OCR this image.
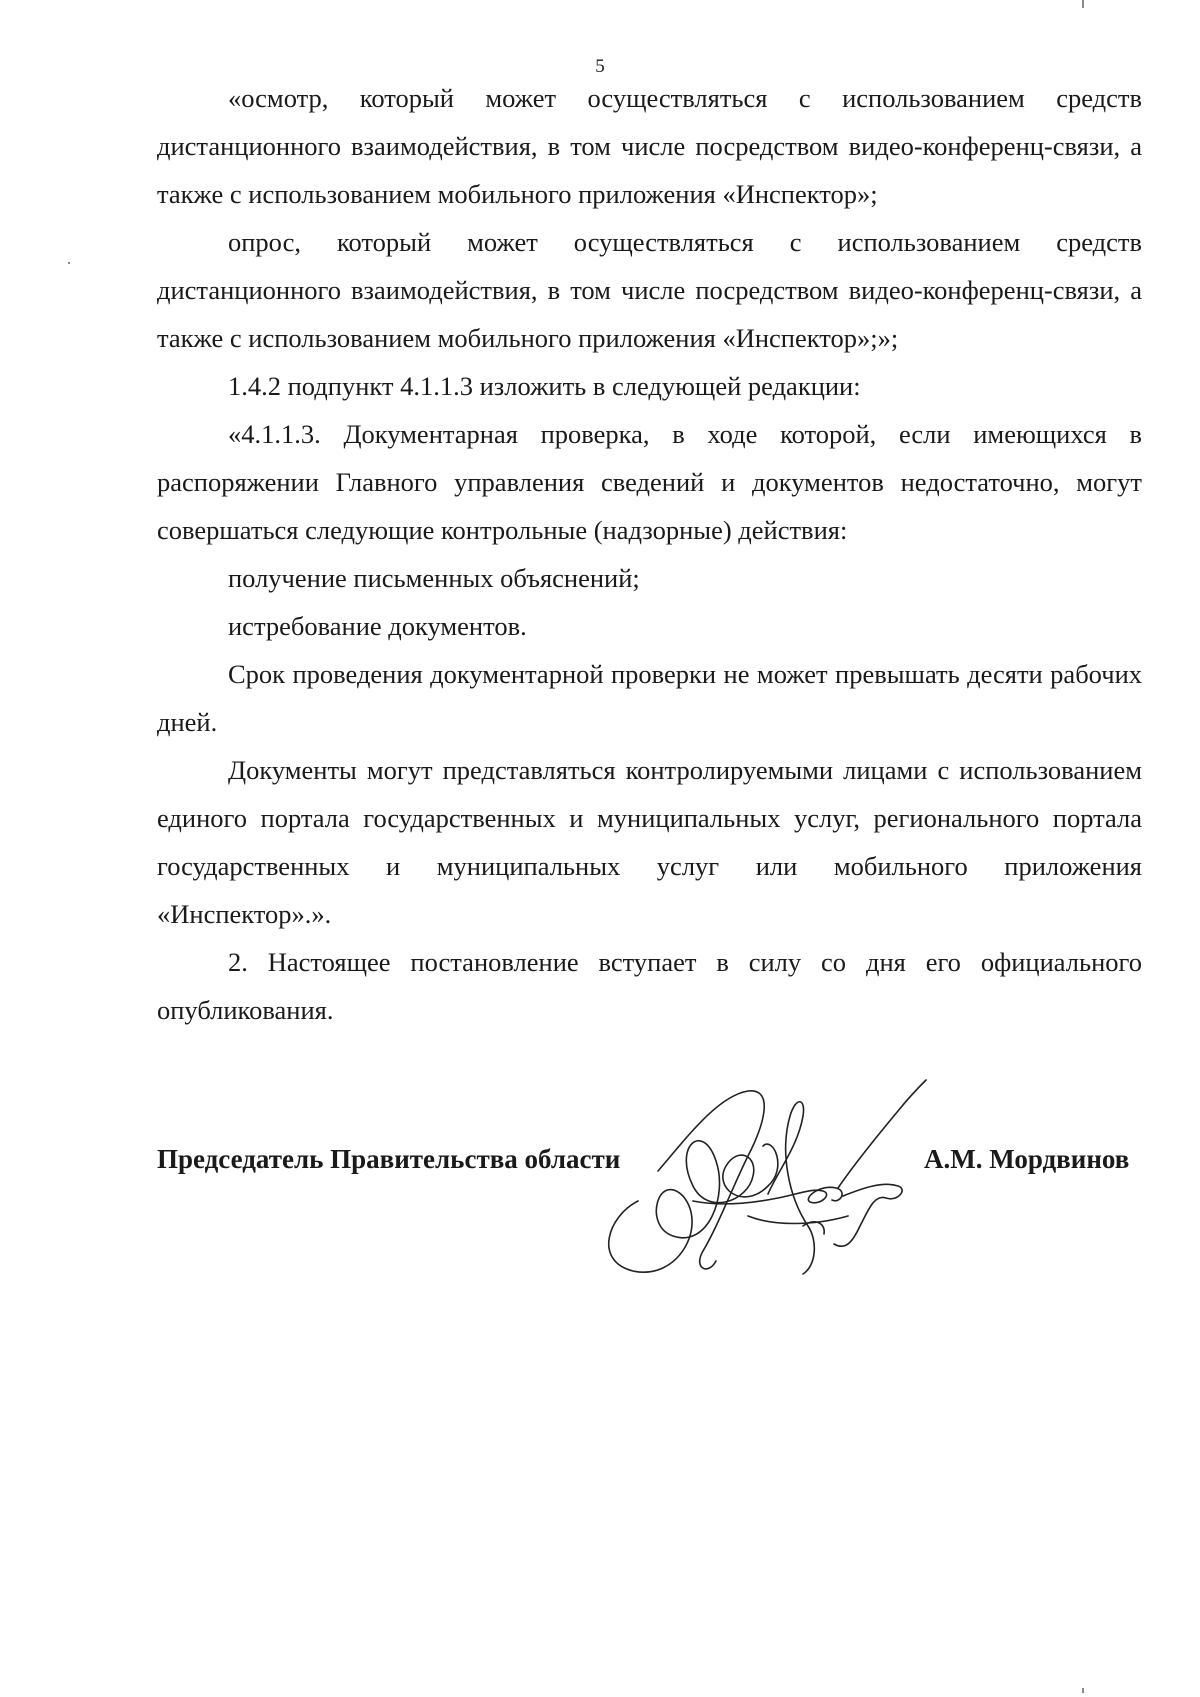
5

«осмотр, который может осуществляться с использованием средств дистанционного взаимодействия, в том числе посредством видео-конференц-связи, а также с использованием мобильного приложения «Инспектор»;

опрос, который может осуществляться с использованием средств дистанционного взаимодействия, в том числе посредством видео-конференц-связи, а также с использованием мобильного приложения «Инспектор»;»;

1.4.2 подпункт 4.1.1.3 изложить в следующей редакции:

«4.1.1.3. Документарная проверка, в ходе которой, если имеющихся в распоряжении Главного управления сведений и документов недостаточно, могут совершаться следующие контрольные (надзорные) действия:

получение письменных объяснений;

истребование документов.

Срок проведения документарной проверки не может превышать десяти рабочих дней.

Документы могут представляться контролируемыми лицами с использованием единого портала государственных и муниципальных услуг, регионального портала государственных и муниципальных услуг или мобильного приложения «Инспектор».».

2. Настоящее постановление вступает в силу со дня его официального опубликования.

Председатель Правительства области	А.М. Мордвинов
